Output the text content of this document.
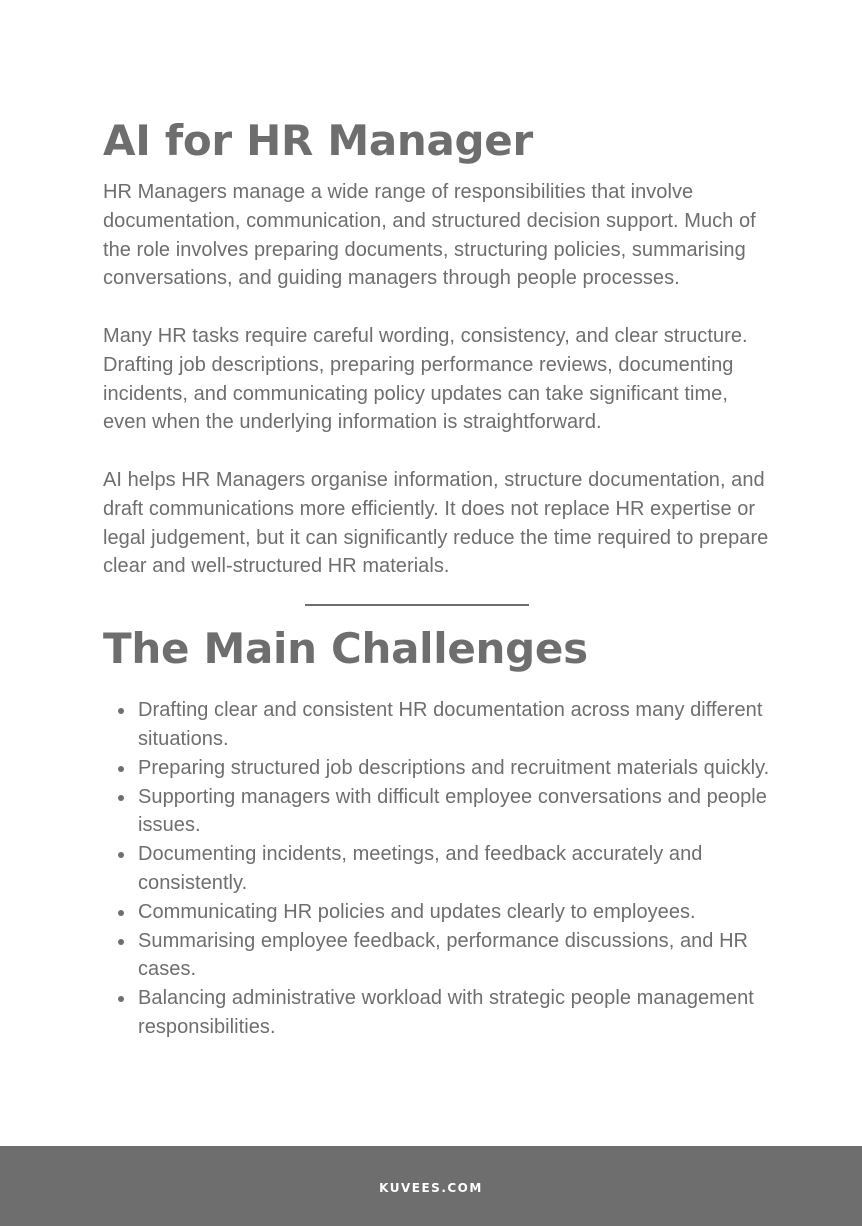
AI for HR Manager

HR Managers manage a wide range of responsibilities that involve documentation, communication, and structured decision support. Much of the role involves preparing documents, structuring policies, summarising conversations, and guiding managers through people processes.

Many HR tasks require careful wording, consistency, and clear structure. Drafting job descriptions, preparing performance reviews, documenting incidents, and communicating policy updates can take significant time, even when the underlying information is straightforward.

AI helps HR Managers organise information, structure documentation, and draft communications more efficiently. It does not replace HR expertise or legal judgement, but it can significantly reduce the time required to prepare clear and well-structured HR materials.

The Main Challenges
Drafting clear and consistent HR documentation across many different situations.
Preparing structured job descriptions and recruitment materials quickly.
Supporting managers with difficult employee conversations and people issues.
Documenting incidents, meetings, and feedback accurately and consistently.
Communicating HR policies and updates clearly to employees.
Summarising employee feedback, performance discussions, and HR cases.
Balancing administrative workload with strategic people management responsibilities.
KUVEES.COM
